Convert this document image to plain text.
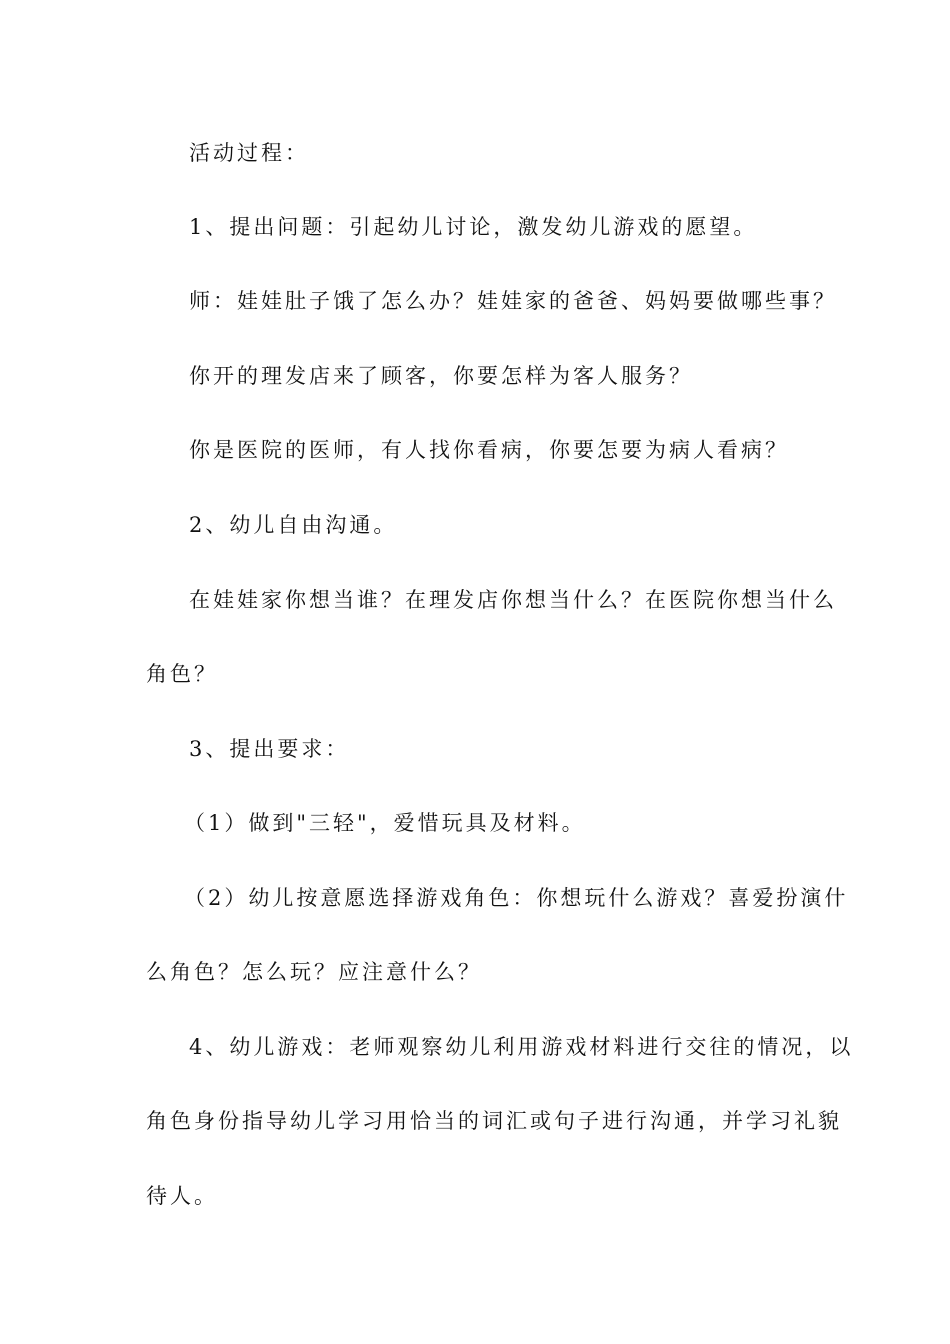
活动过程：
1、提出问题：引起幼儿讨论，激发幼儿游戏的愿望。
师：娃娃肚子饿了怎么办？娃娃家的爸爸、妈妈要做哪些事？
你开的理发店来了顾客，你要怎样为客人服务？
你是医院的医师，有人找你看病，你要怎要为病人看病？
2、幼儿自由沟通。
在娃娃家你想当谁？在理发店你想当什么？在医院你想当什么
角色？
3、提出要求：
（1）做到"三轻"，爱惜玩具及材料。
（2）幼儿按意愿选择游戏角色：你想玩什么游戏？喜爱扮演什
么角色？怎么玩？应注意什么？
4、幼儿游戏：老师观察幼儿利用游戏材料进行交往的情况，以
角色身份指导幼儿学习用恰当的词汇或句子进行沟通，并学习礼貌
待人。
